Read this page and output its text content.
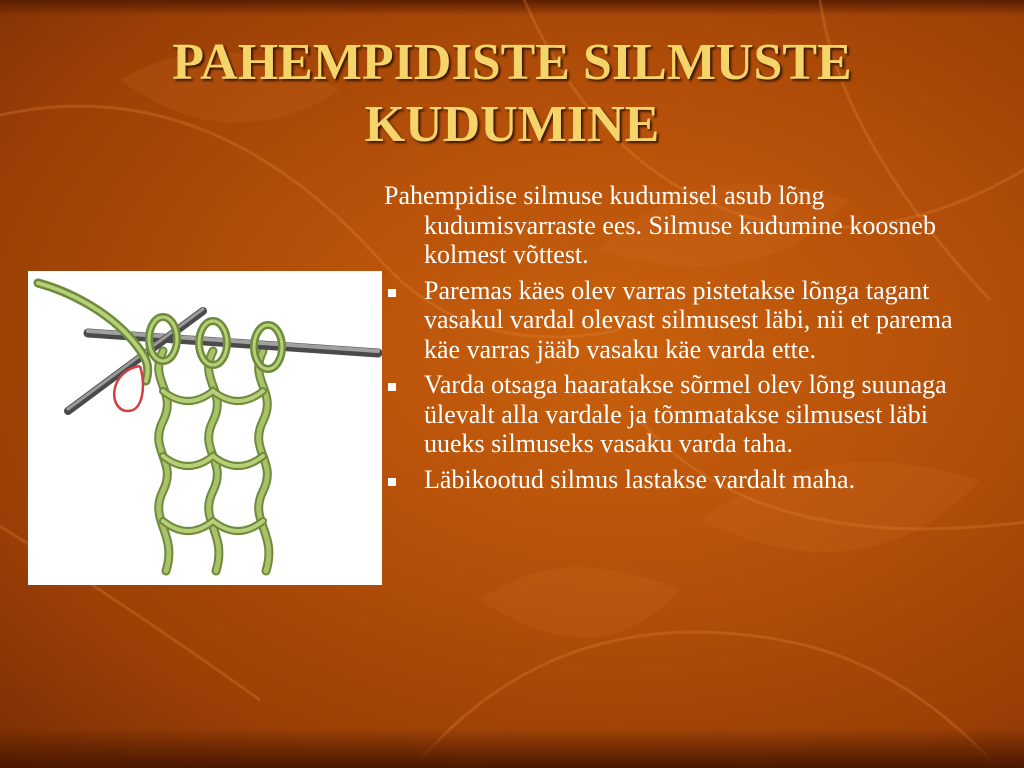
PAHEMPIDISTE SILMUSTE KUDUMINE

Pahempidise silmuse kudumisel asub lõng kudumisvarraste ees. Silmuse kudumine koosneb kolmest võttest.

Paremas käes olev varras pistetakse lõnga tagant vasakul vardal olevast silmusest läbi, nii et parema käe varras jääb vasaku käe varda ette.
Varda otsaga haaratakse sõrmel olev lõng suunaga ülevalt alla vardale ja tõmmatakse silmusest läbi uueks silmuseks vasaku varda taha.
Läbikootud silmus lastakse vardalt maha.
